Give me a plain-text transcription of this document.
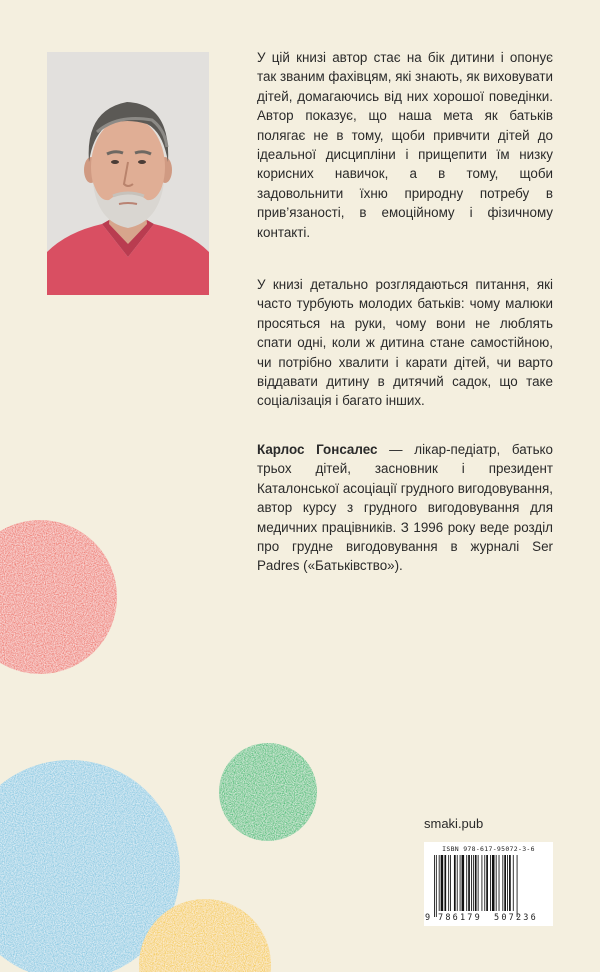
У цій книзі автор стає на бік дитини і опонує так званим фахівцям, які знають, як виховувати дітей, домагаючись від них хорошої поведінки. Автор показує, що наша мета як батьків полягає не в тому, щоби привчити дітей до ідеальної дисципліни і прищепити їм низку корисних навичок, а в тому, щоби задовольнити їхню природну потребу в прив’язаності, в емоційному і фізичному контакті.

У книзі детально розглядаються питання, які часто турбують молодих батьків: чому малюки просяться на руки, чому вони не люблять спати одні, коли ж дитина стане самостійною, чи потрібно хвалити і карати дітей, чи варто віддавати дитину в дитячий садок, що таке соціалізація і багато інших.

Карлос Гонсалес — лікар-педіатр, батько трьох дітей, засновник і президент Каталонської асоціації грудного вигодовування, автор курсу з грудного вигодовування для медичних працівників. З 1996 року веде розділ про грудне вигодовування в журналі Ser Padres («Батьківство»).

smaki.pub
ISBN 978-617-95072-3-6
9 786179 507236
